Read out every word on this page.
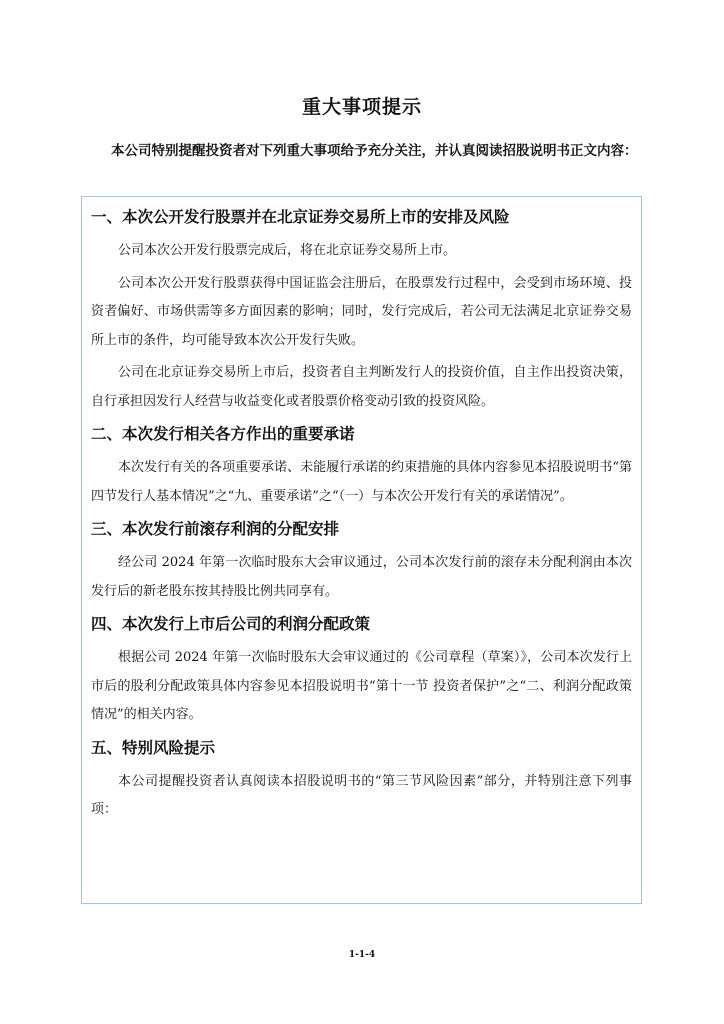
重大事项提示
本公司特别提醒投资者对下列重大事项给予充分关注，并认真阅读招股说明书正文内容：
一、本次公开发行股票并在北京证券交易所上市的安排及风险

公司本次公开发行股票完成后，将在北京证券交易所上市。

公司本次公开发行股票获得中国证监会注册后，在股票发行过程中，会受到市场环境、投资者偏好、市场供需等多方面因素的影响；同时，发行完成后，若公司无法满足北京证券交易所上市的条件，均可能导致本次公开发行失败。

公司在北京证券交易所上市后，投资者自主判断发行人的投资价值，自主作出投资决策，自行承担因发行人经营与收益变化或者股票价格变动引致的投资风险。

二、本次发行相关各方作出的重要承诺

本次发行有关的各项重要承诺、未能履行承诺的约束措施的具体内容参见本招股说明书“第四节发行人基本情况”之“九、重要承诺”之“（一）与本次公开发行有关的承诺情况”。

三、本次发行前滚存利润的分配安排

经公司 2024 年第一次临时股东大会审议通过，公司本次发行前的滚存未分配利润由本次发行后的新老股东按其持股比例共同享有。

四、本次发行上市后公司的利润分配政策

根据公司 2024 年第一次临时股东大会审议通过的《公司章程（草案）》，公司本次发行上市后的股利分配政策具体内容参见本招股说明书“第十一节 投资者保护”之“二、利润分配政策情况”的相关内容。

五、特别风险提示

本公司提醒投资者认真阅读本招股说明书的“第三节风险因素”部分，并特别注意下列事项：

1-1-4
